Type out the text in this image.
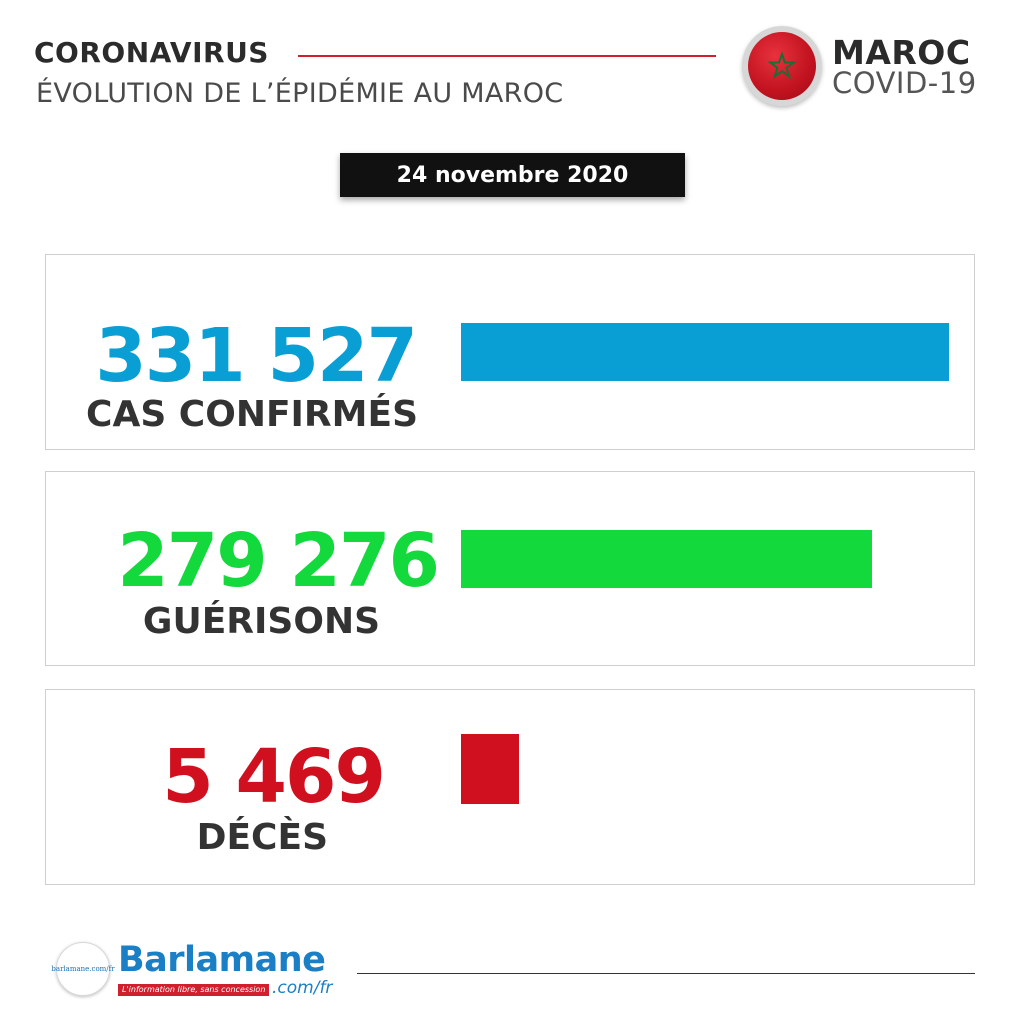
CORONAVIRUS
ÉVOLUTION DE L’ÉPIDÉMIE AU MAROC
MAROC
COVID-19
24 novembre 2020
331 527
CAS CONFIRMÉS
279 276
GUÉRISONS
5 469
DÉCÈS
barlamane.com/fr Barlamane
L'information libre, sans concession .com/fr
